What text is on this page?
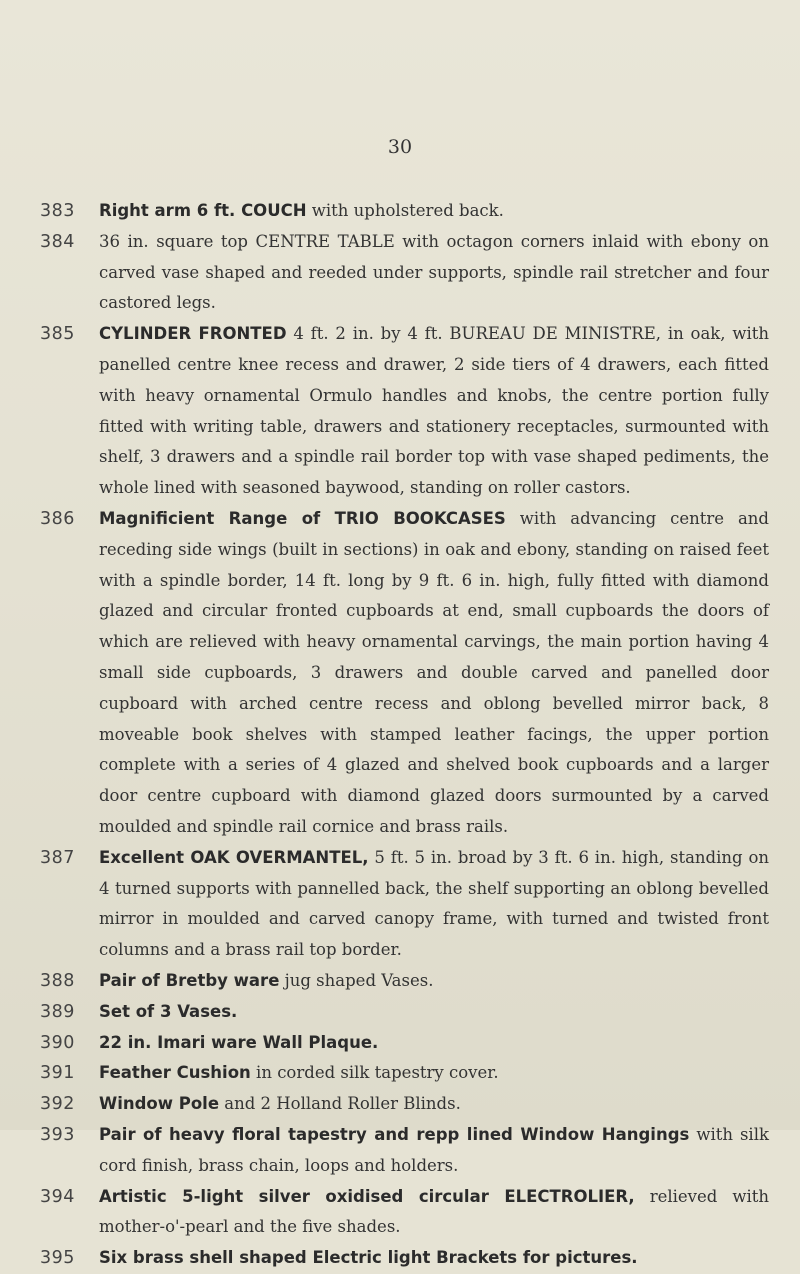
30
383	Right arm 6 ft. COUCH with upholstered back.
384	36 in. square top CENTRE TABLE with octagon corners inlaid with ebony on carved vase shaped and reeded under supports, spindle rail stretcher and four castored legs.
385	CYLINDER FRONTED 4 ft. 2 in. by 4 ft. BUREAU DE MINISTRE, in oak, with panelled centre knee recess and drawer, 2 side tiers of 4 drawers, each fitted with heavy ornamental Ormulo handles and knobs, the centre portion fully fitted with writing table, drawers and stationery receptacles, surmounted with shelf, 3 drawers and a spindle rail border top with vase shaped pediments, the whole lined with seasoned baywood, standing on roller castors.
386	Magnificient Range of TRIO BOOKCASES with advancing centre and receding side wings (built in sections) in oak and ebony, standing on raised feet with a spindle border, 14 ft. long by 9 ft. 6 in. high, fully fitted with diamond glazed and circular fronted cupboards at end, small cupboards the doors of which are relieved with heavy ornamental carvings, the main portion having 4 small side cupboards, 3 drawers and double carved and panelled door cupboard with arched centre recess and oblong bevelled mirror back, 8 moveable book shelves with stamped leather facings, the upper portion complete with a series of 4 glazed and shelved book cupboards and a larger door centre cupboard with diamond glazed doors surmounted by a carved moulded and spindle rail cornice and brass rails.
387	Excellent OAK OVERMANTEL, 5 ft. 5 in. broad by 3 ft. 6 in. high, standing on 4 turned supports with pannelled back, the shelf supporting an oblong bevelled mirror in moulded and carved canopy frame, with turned and twisted front columns and a brass rail top border.
388	Pair of Bretby ware jug shaped Vases.
389	Set of 3 Vases.
390	22 in. Imari ware Wall Plaque.
391	Feather Cushion in corded silk tapestry cover.
392	Window Pole and 2 Holland Roller Blinds.
393	Pair of heavy floral tapestry and repp lined Window Hangings with silk cord finish, brass chain, loops and holders.
394	Artistic 5-light silver oxidised circular ELECTROLIER, relieved with mother-o'-pearl and the five shades.
395	Six brass shell shaped Electric light Brackets for pictures.
